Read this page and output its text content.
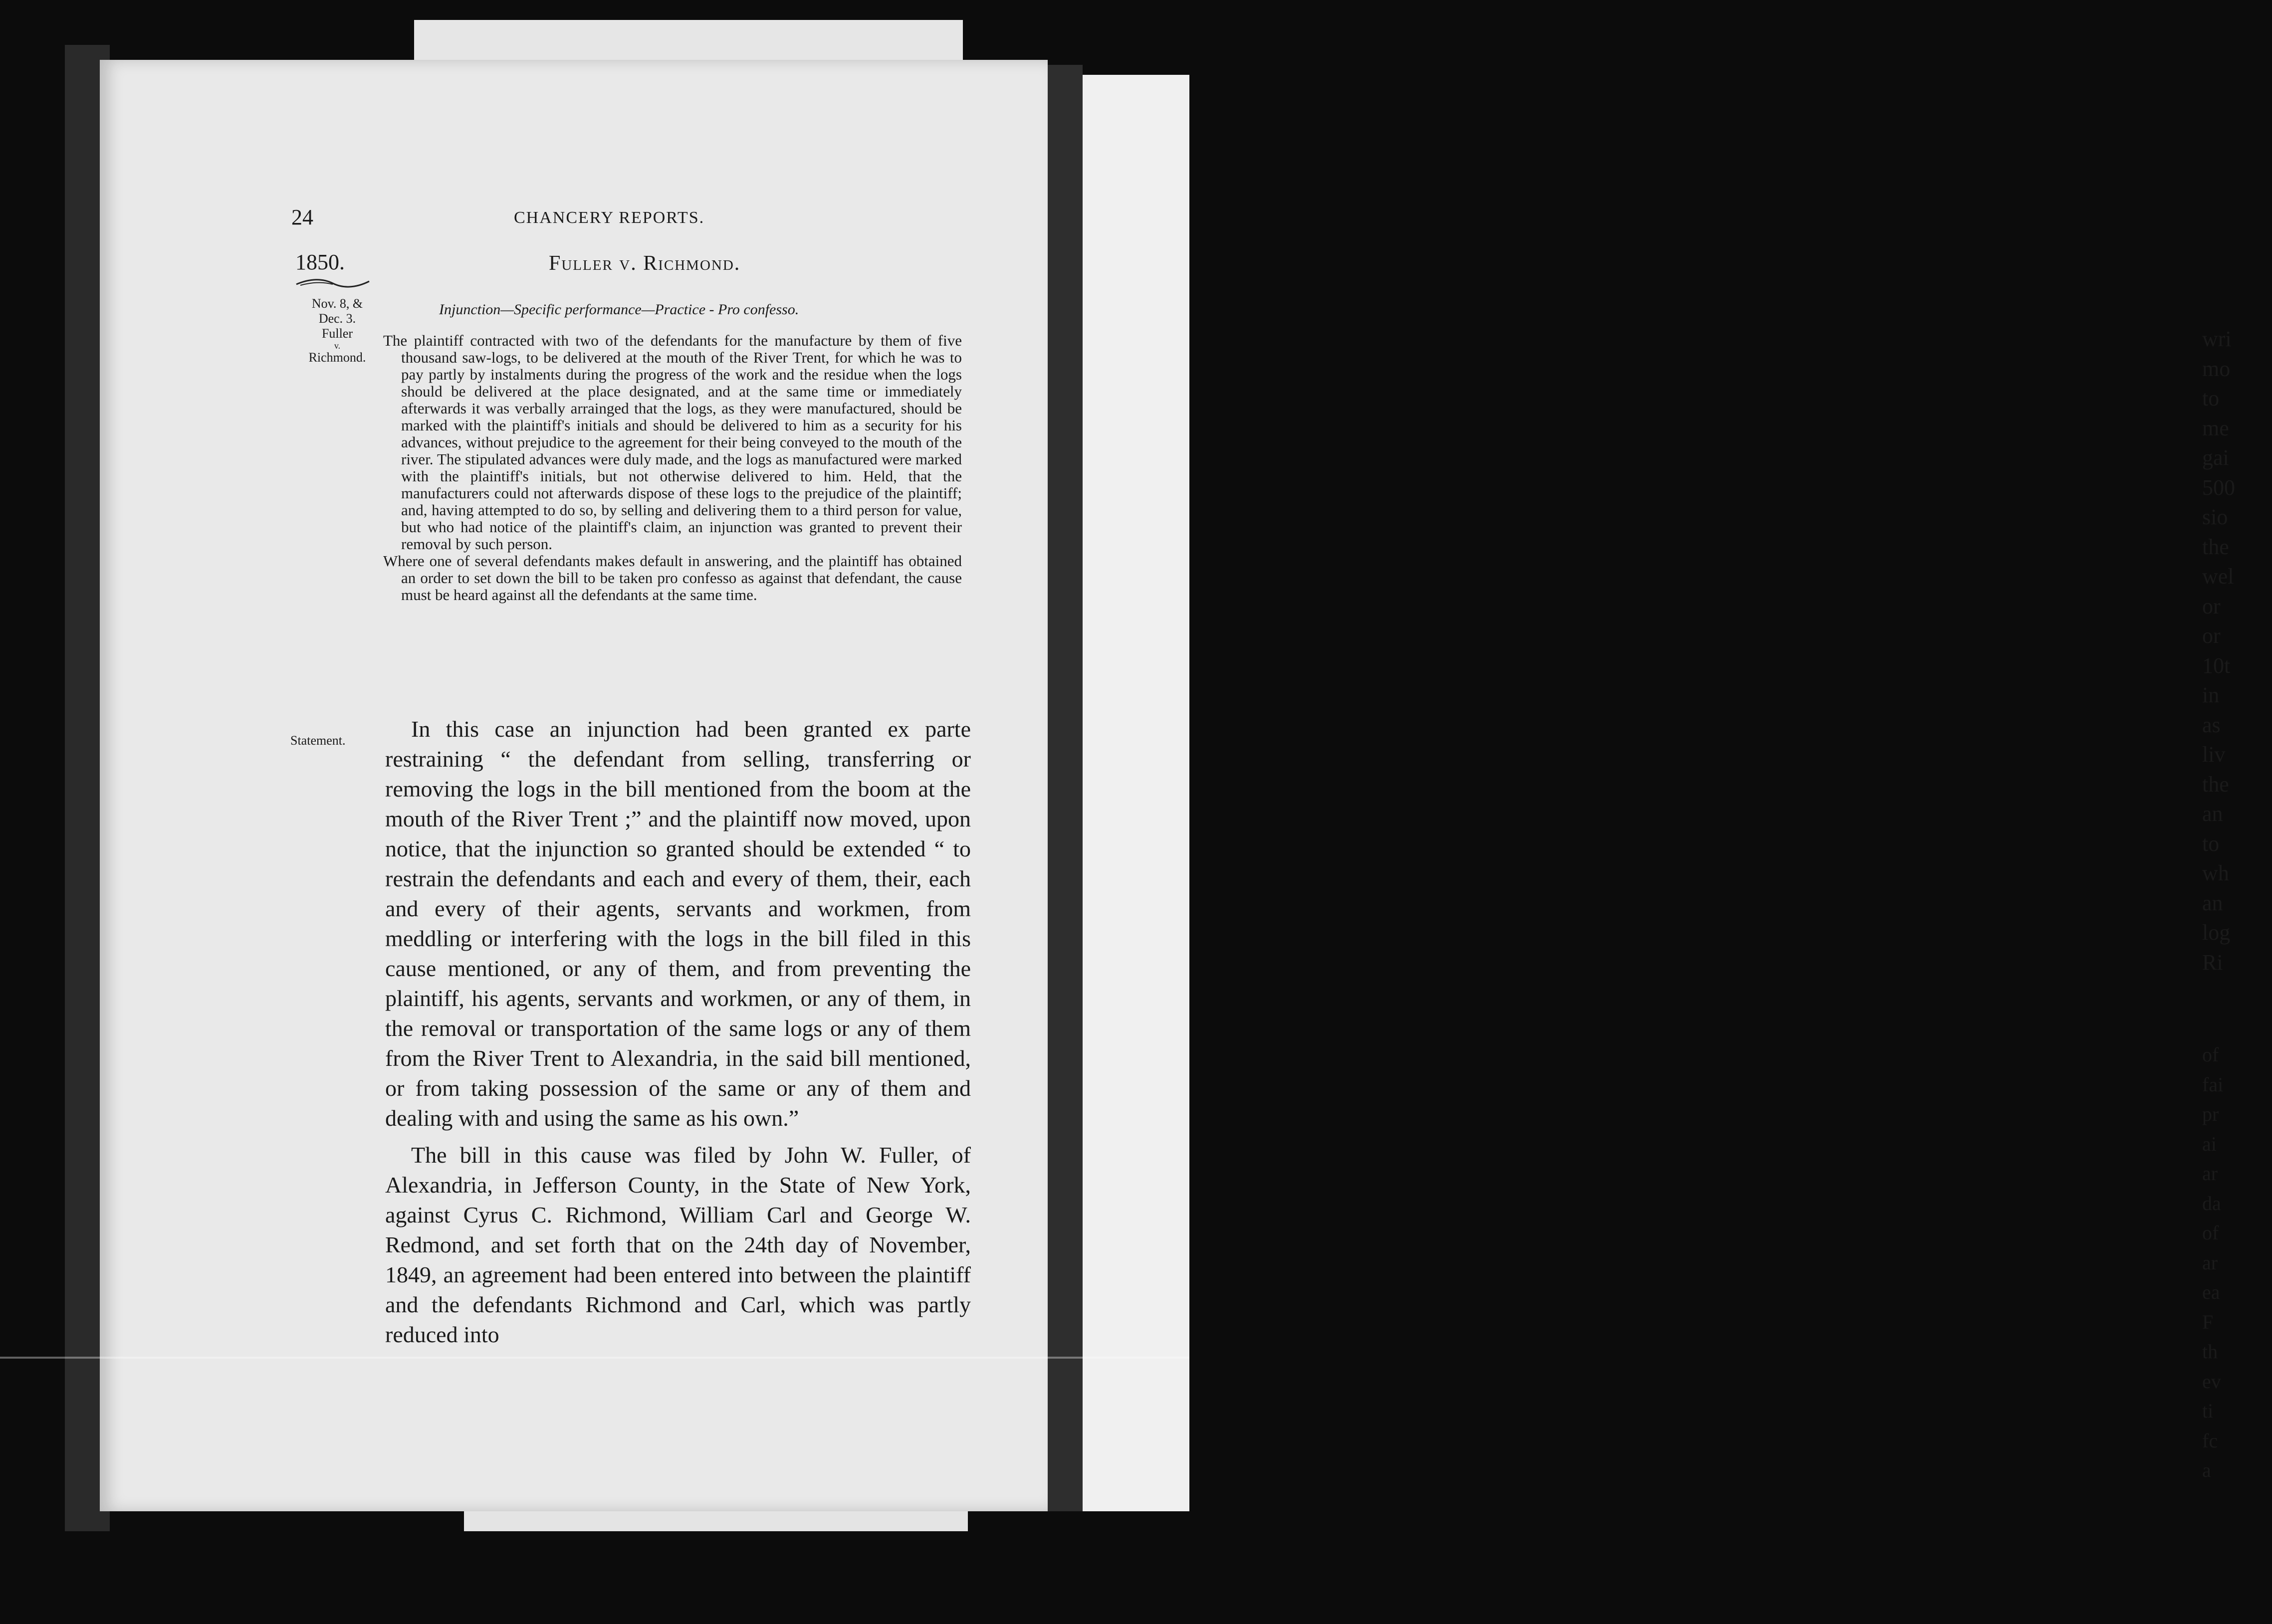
wri
mo
to
me
gai
500
sio
the
wel
or
or
10t
in
as
liv
the
an
to
wh
an
log
Ri
of
fai
pr
ai
ar
da
of
ar
ea
F
th
ev
ti
fc
a
24	CHANCERY REPORTS.
Fuller v. Richmond.
1850.
Nov. 8, &
Dec. 3.
Fuller
v.
Richmond.
Statement.
Injunction—Specific performance—Practice - Pro confesso.

The plaintiff contracted with two of the defendants for the manufacture by them of five thousand saw-logs, to be delivered at the mouth of the River Trent, for which he was to pay partly by instalments during the progress of the work and the residue when the logs should be delivered at the place designated, and at the same time or immediately afterwards it was verbally arrainged that the logs, as they were manufactured, should be marked with the plaintiff's initials and should be delivered to him as a security for his advances, without prejudice to the agreement for their being conveyed to the mouth of the river. The stipulated advances were duly made, and the logs as manufactured were marked with the plaintiff's initials, but not otherwise delivered to him. Held, that the manufacturers could not afterwards dispose of these logs to the prejudice of the plaintiff; and, having attempted to do so, by selling and delivering them to a third person for value, but who had notice of the plaintiff's claim, an injunction was granted to prevent their removal by such person.

Where one of several defendants makes default in answering, and the plaintiff has obtained an order to set down the bill to be taken pro confesso as against that defendant, the cause must be heard against all the defendants at the same time.

In this case an injunction had been granted ex parte restraining “ the defendant from selling, transferring or removing the logs in the bill mentioned from the boom at the mouth of the River Trent ;” and the plaintiff now moved, upon notice, that the injunction so granted should be extended “ to restrain the defendants and each and every of them, their, each and every of their agents, servants and workmen, from meddling or interfering with the logs in the bill filed in this cause mentioned, or any of them, and from preventing the plaintiff, his agents, servants and workmen, or any of them, in the removal or transportation of the same logs or any of them from the River Trent to Alexandria, in the said bill mentioned, or from taking possession of the same or any of them and dealing with and using the same as his own.”

The bill in this cause was filed by John W. Fuller, of Alexandria, in Jefferson County, in the State of New York, against Cyrus C. Richmond, William Carl and George W. Redmond, and set forth that on the 24th day of November, 1849, an agreement had been entered into between the plaintiff and the defendants Richmond and Carl, which was partly reduced into
